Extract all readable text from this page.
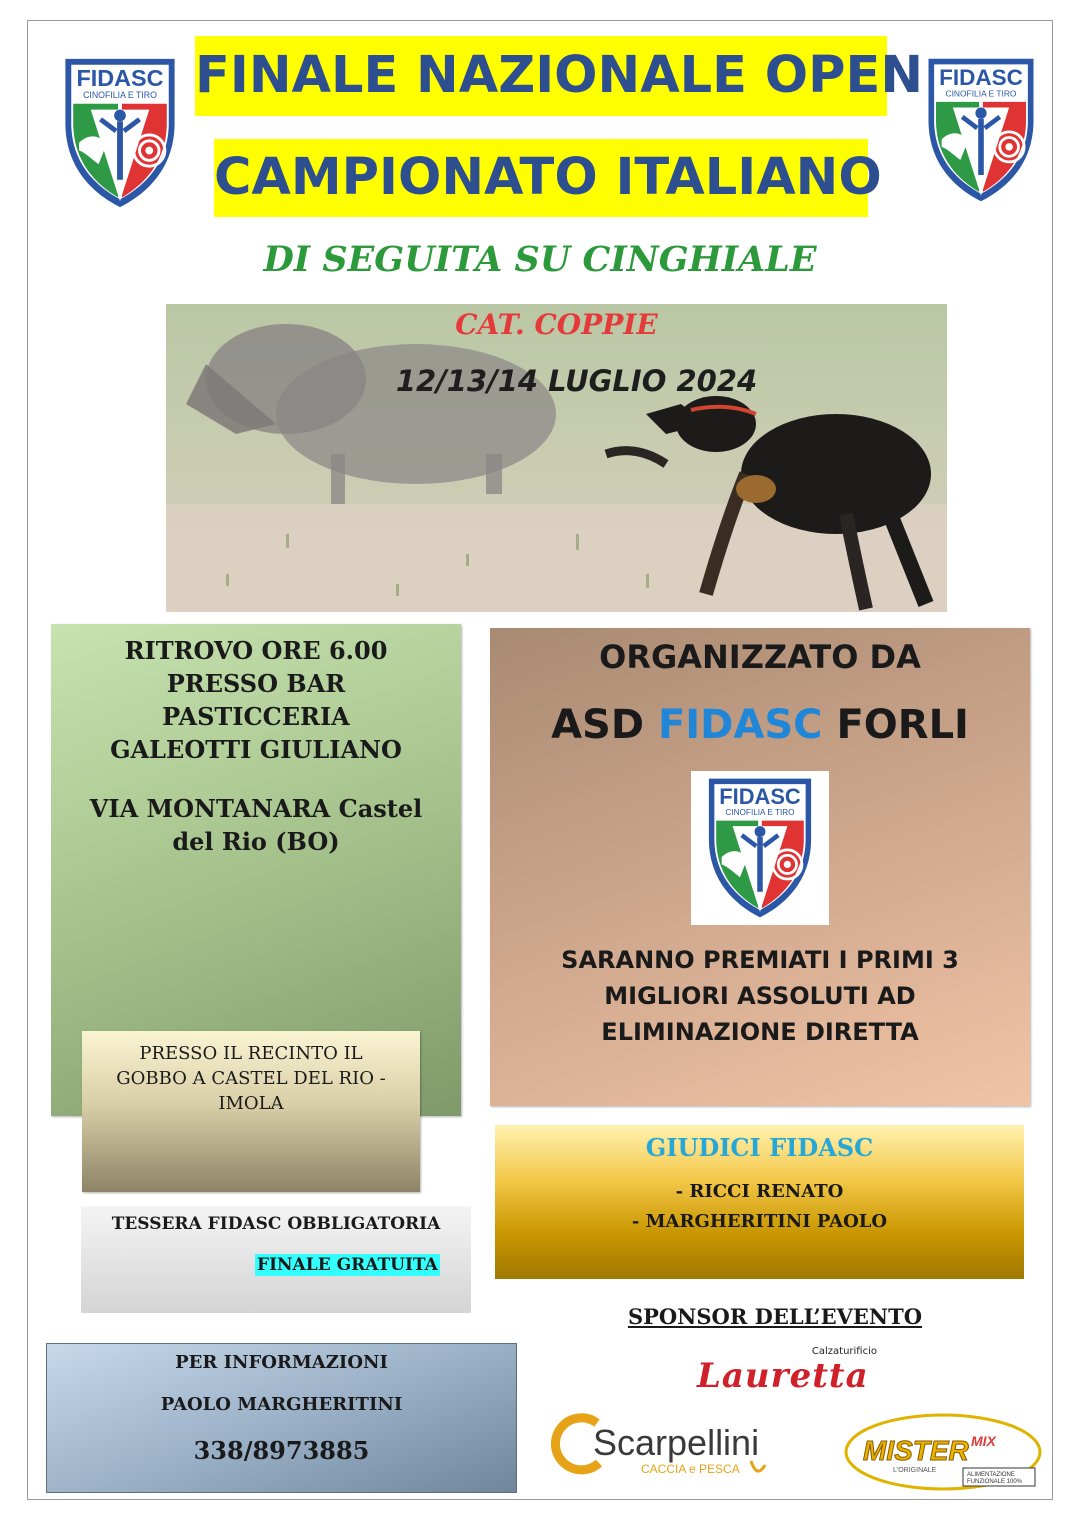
FIDASC
CINOFILIA E TIRO
FIDASC
CINOFILIA E TIRO
FINALE NAZIONALE OPEN
CAMPIONATO ITALIANO
DI SEGUITA SU CINGHIALE
CAT. COPPIE
12/13/14 LUGLIO 2024
RITROVO ORE 6.00
PRESSO BAR
PASTICCERIA
GALEOTTI GIULIANO
VIA MONTANARA Castel
del Rio (BO)
PRESSO IL RECINTO IL
GOBBO A CASTEL DEL RIO -
IMOLA
TESSERA FIDASC OBBLIGATORIA
FINALE GRATUITA
PER INFORMAZIONI
PAOLO MARGHERITINI
338/8973885
ORGANIZZATO DA
ASD FIDASC FORLI
FIDASC
CINOFILIA E TIRO
SARANNO PREMIATI I PRIMI 3
MIGLIORI ASSOLUTI AD
ELIMINAZIONE DIRETTA
GIUDICI FIDASC
- RICCI RENATO
- MARGHERITINI PAOLO
SPONSOR DELL’EVENTO
Calzaturificio
Lauretta
Scarpellini
CACCIA e PESCA
MISTER MIX
L'ORIGINALE
ALIMENTAZIONE
FUNZIONALE 100%
